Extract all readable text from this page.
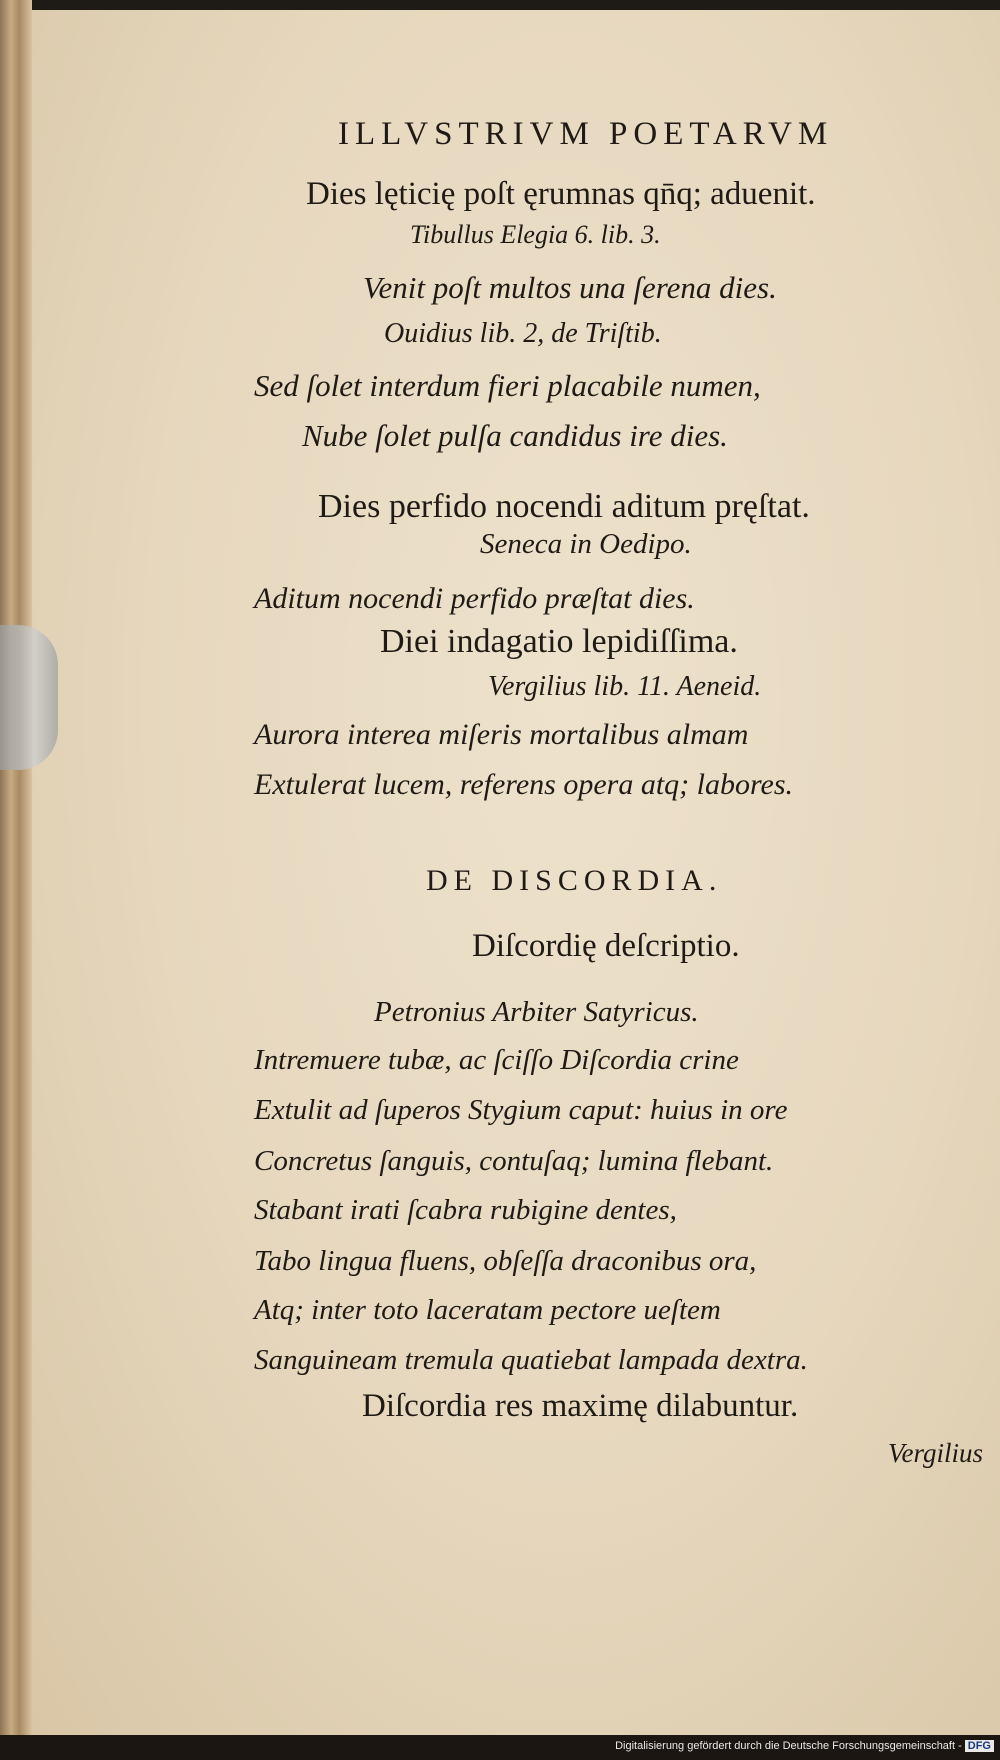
ILLVSTRIVM POETARVM
Dies lęticię poſt ęrumnas qn̄q; aduenit.
Tibullus Elegia 6. lib. 3.
Venit poſt multos una ſerena dies.
Ouidius lib. 2, de Triſtib.
Sed ſolet interdum fieri placabile numen,
Nube ſolet pulſa candidus ire dies.
Dies perfido nocendi aditum pręſtat.
Seneca in Oedipo.
Aditum nocendi perfido præſtat dies.
Diei indagatio lepidiſſima.
Vergilius lib. 11. Aeneid.
Aurora interea miſeris mortalibus almam
Extulerat lucem, referens opera atq; labores.
DE DISCORDIA.
Diſcordię deſcriptio.
Petronius Arbiter Satyricus.
Intremuere tubæ, ac ſciſſo Diſcordia crine
Extulit ad ſuperos Stygium caput: huius in ore
Concretus ſanguis, contuſaq; lumina flebant.
Stabant irati ſcabra rubigine dentes,
Tabo lingua fluens, obſeſſa draconibus ora,
Atq; inter toto laceratam pectore ueſtem
Sanguineam tremula quatiebat lampada dextra.
Diſcordia res maximę dilabuntur.
Vergilius
Digitalisierung gefördert durch die Deutsche Forschungsgemeinschaft - DFG
